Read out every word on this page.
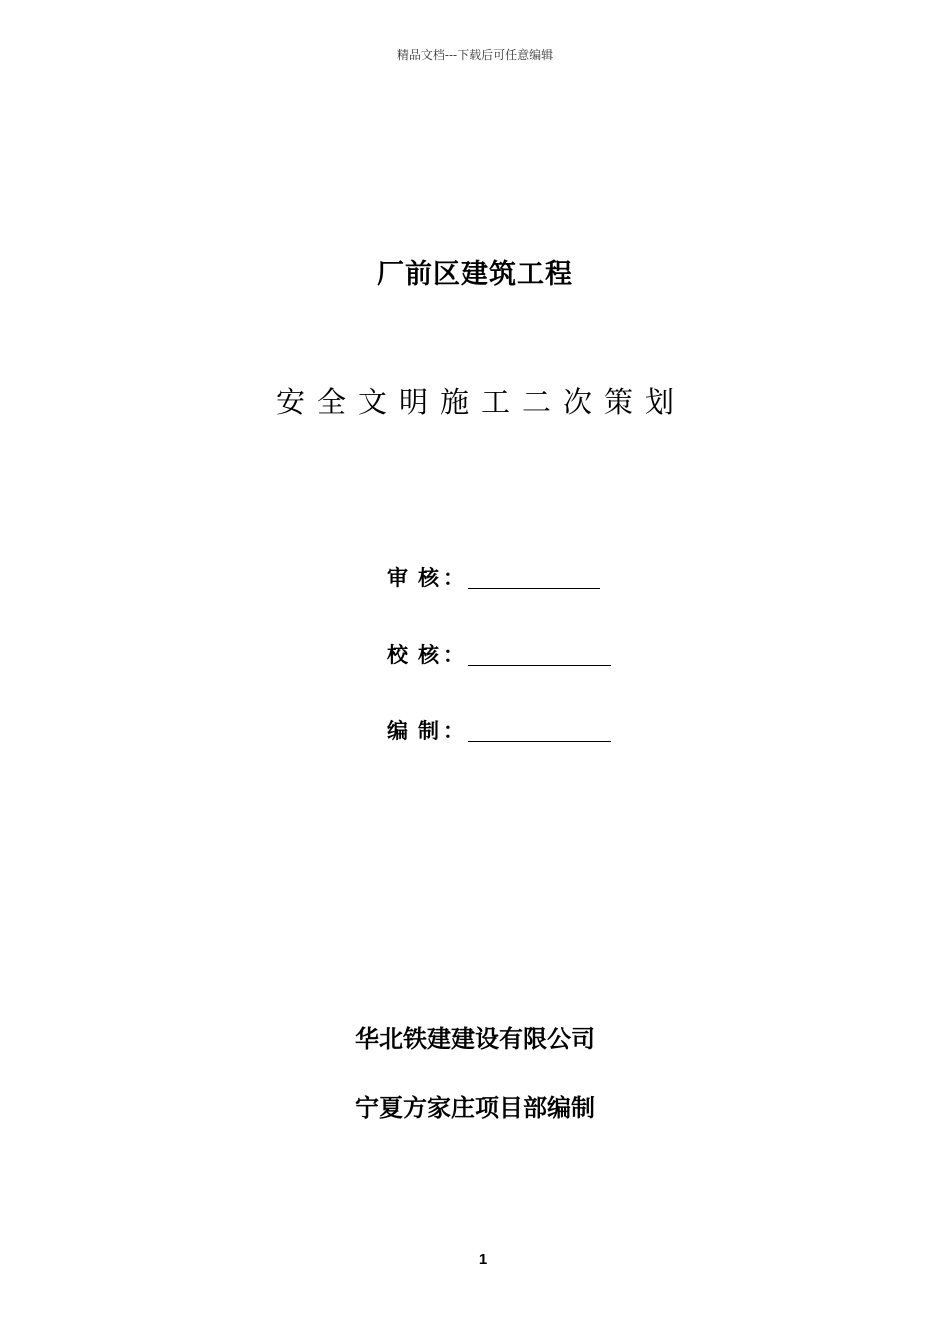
精品文档---下载后可任意编辑
厂前区建筑工程
安全文明施工二次策划
审核
：
校核
：
编制
：
华北铁建建设有限公司
宁夏方家庄项目部编制
1
